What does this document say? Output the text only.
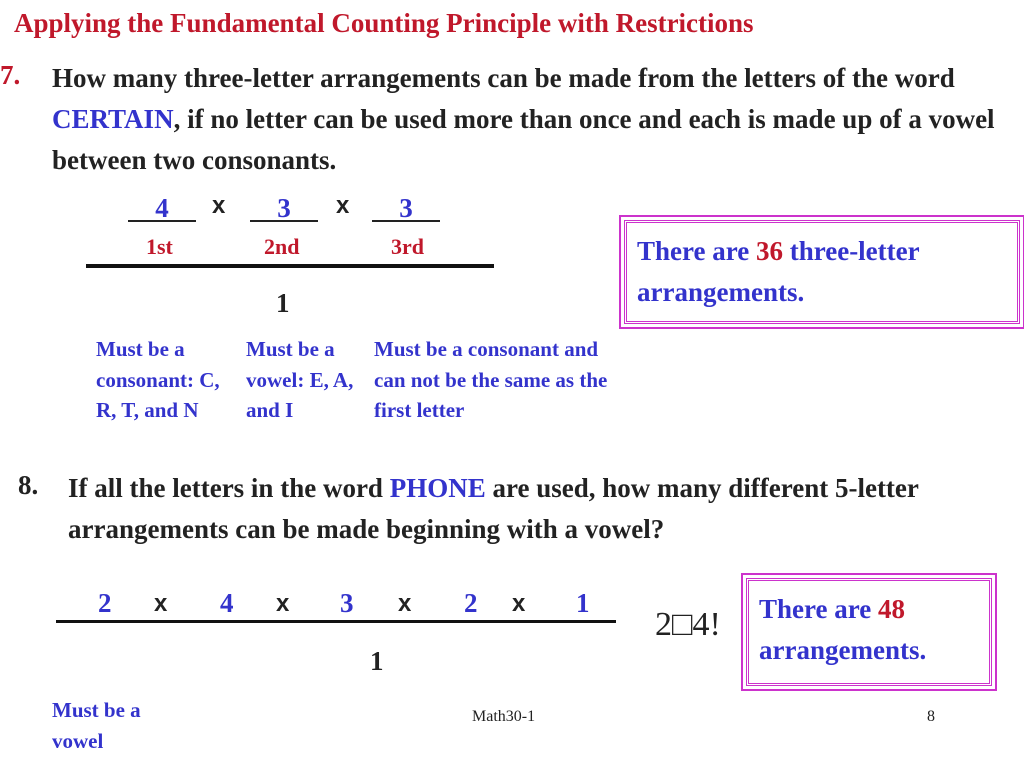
Applying the Fundamental Counting Principle with Restrictions
7. How many three-letter arrangements can be made from the letters of the word CERTAIN, if no letter can be used more than once and each is made up of a vowel between two consonants.
4	x	3	x	3
1st	2nd	3rd
1
Must be a consonant: C, R, T, and N
Must be a vowel: E, A, and I
Must be a consonant and can not be the same as the first letter
There are 36 three-letter arrangements.
8. If all the letters in the word PHONE are used, how many different 5-letter arrangements can be made beginning with a vowel?
2 x 4 x 3 x 2 x 1
1
2□4!	There are 48 arrangements.
Must be a vowel
Math30-1	8
